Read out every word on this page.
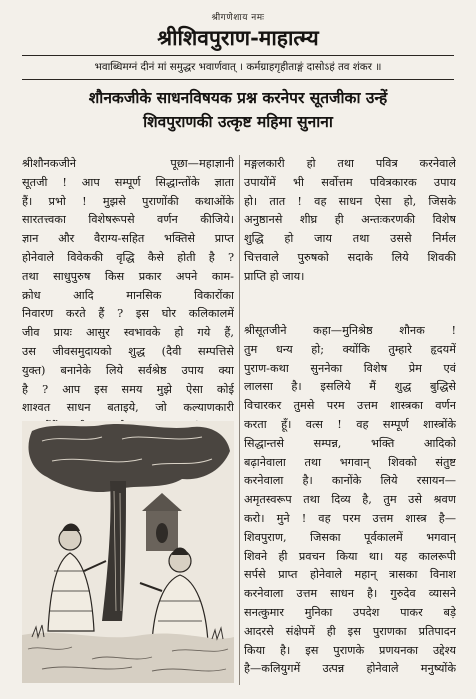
श्रीगणेशाय नमः
श्रीशिवपुराण-माहात्म्य
भवाब्धिमग्नं दीनं मां समुद्धर भवार्णवात् । कर्मग्राहगृहीताङ्गं दासोऽहं तव शंकर ॥
शौनकजीके साधनविषयक प्रश्न करनेपर सूतजीका उन्हें
शिवपुराणकी उत्कृष्ट महिमा सुनाना
श्रीशौनकजीने पूछा—महाज्ञानी
सूतजी ! आप सम्पूर्ण सिद्धान्तोंके ज्ञाता
हैं। प्रभो ! मुझसे पुराणोंकी कथाओंके
सारतत्त्वका विशेषरूपसे वर्णन कीजिये।
ज्ञान और वैराग्य-सहित भक्तिसे प्राप्त
होनेवाले विवेककी वृद्धि कैसे होती है ?
तथा साधुपुरुष किस प्रकार अपने काम-
क्रोध आदि मानसिक विकारोंका
निवारण करते हैं ? इस घोर कलिकालमें
जीव प्रायः आसुर स्वभावके हो गये हैं,
उस जीवसमुदायको शुद्ध (दैवी सम्पत्तिसे
युक्त) बनानेके लिये सर्वश्रेष्ठ उपाय क्या
है ? आप इस समय मुझे ऐसा कोई
शाश्वत साधन बताइये, जो कल्याणकारी
मङ्गलकारी हो तथा पवित्र करनेवाले
उपायोंमें भी सर्वोत्तम पवित्रकारक उपाय
हो। तात ! वह साधन ऐसा हो, जिसके
अनुष्ठानसे शीघ्र ही अन्तःकरणकी विशेष
शुद्धि हो जाय तथा उससे निर्मल
चित्तवाले पुरुषको सदाके लिये शिवकी
प्राप्ति हो जाय।
श्रीसूतजीने कहा—मुनिश्रेष्ठ शौनक !
तुम धन्य हो; क्योंकि तुम्हारे हृदयमें
पुराण-कथा सुननेका विशेष प्रेम एवं
लालसा है। इसलिये मैं शुद्ध बुद्धिसे
विचारकर तुमसे परम उत्तम शास्त्रका वर्णन
करता हूँ। वत्स ! वह सम्पूर्ण शास्त्रोंके
सिद्धान्तसे सम्पन्न, भक्ति आदिको
बढ़ानेवाला तथा भगवान् शिवको संतुष्ट
करनेवाला है। कानोंके लिये रसायन—
अमृतस्वरूप तथा दिव्य है, तुम उसे श्रवण
करो। मुने ! वह परम उत्तम शास्त्र है—
शिवपुराण, जिसका पूर्वकालमें भगवान्
शिवने ही प्रवचन किया था। यह कालरूपी
सर्पसे प्राप्त होनेवाले महान् त्रासका विनाश
करनेवाला उत्तम साधन है। गुरुदेव व्यासने
सनत्कुमार मुनिका उपदेश पाकर बड़े
आदरसे संक्षेपमें ही इस पुराणका प्रतिपादन
किया है। इस पुराणके प्रणयनका उद्देश्य
है—कलियुगमें उत्पन्न होनेवाले मनुष्योंके
